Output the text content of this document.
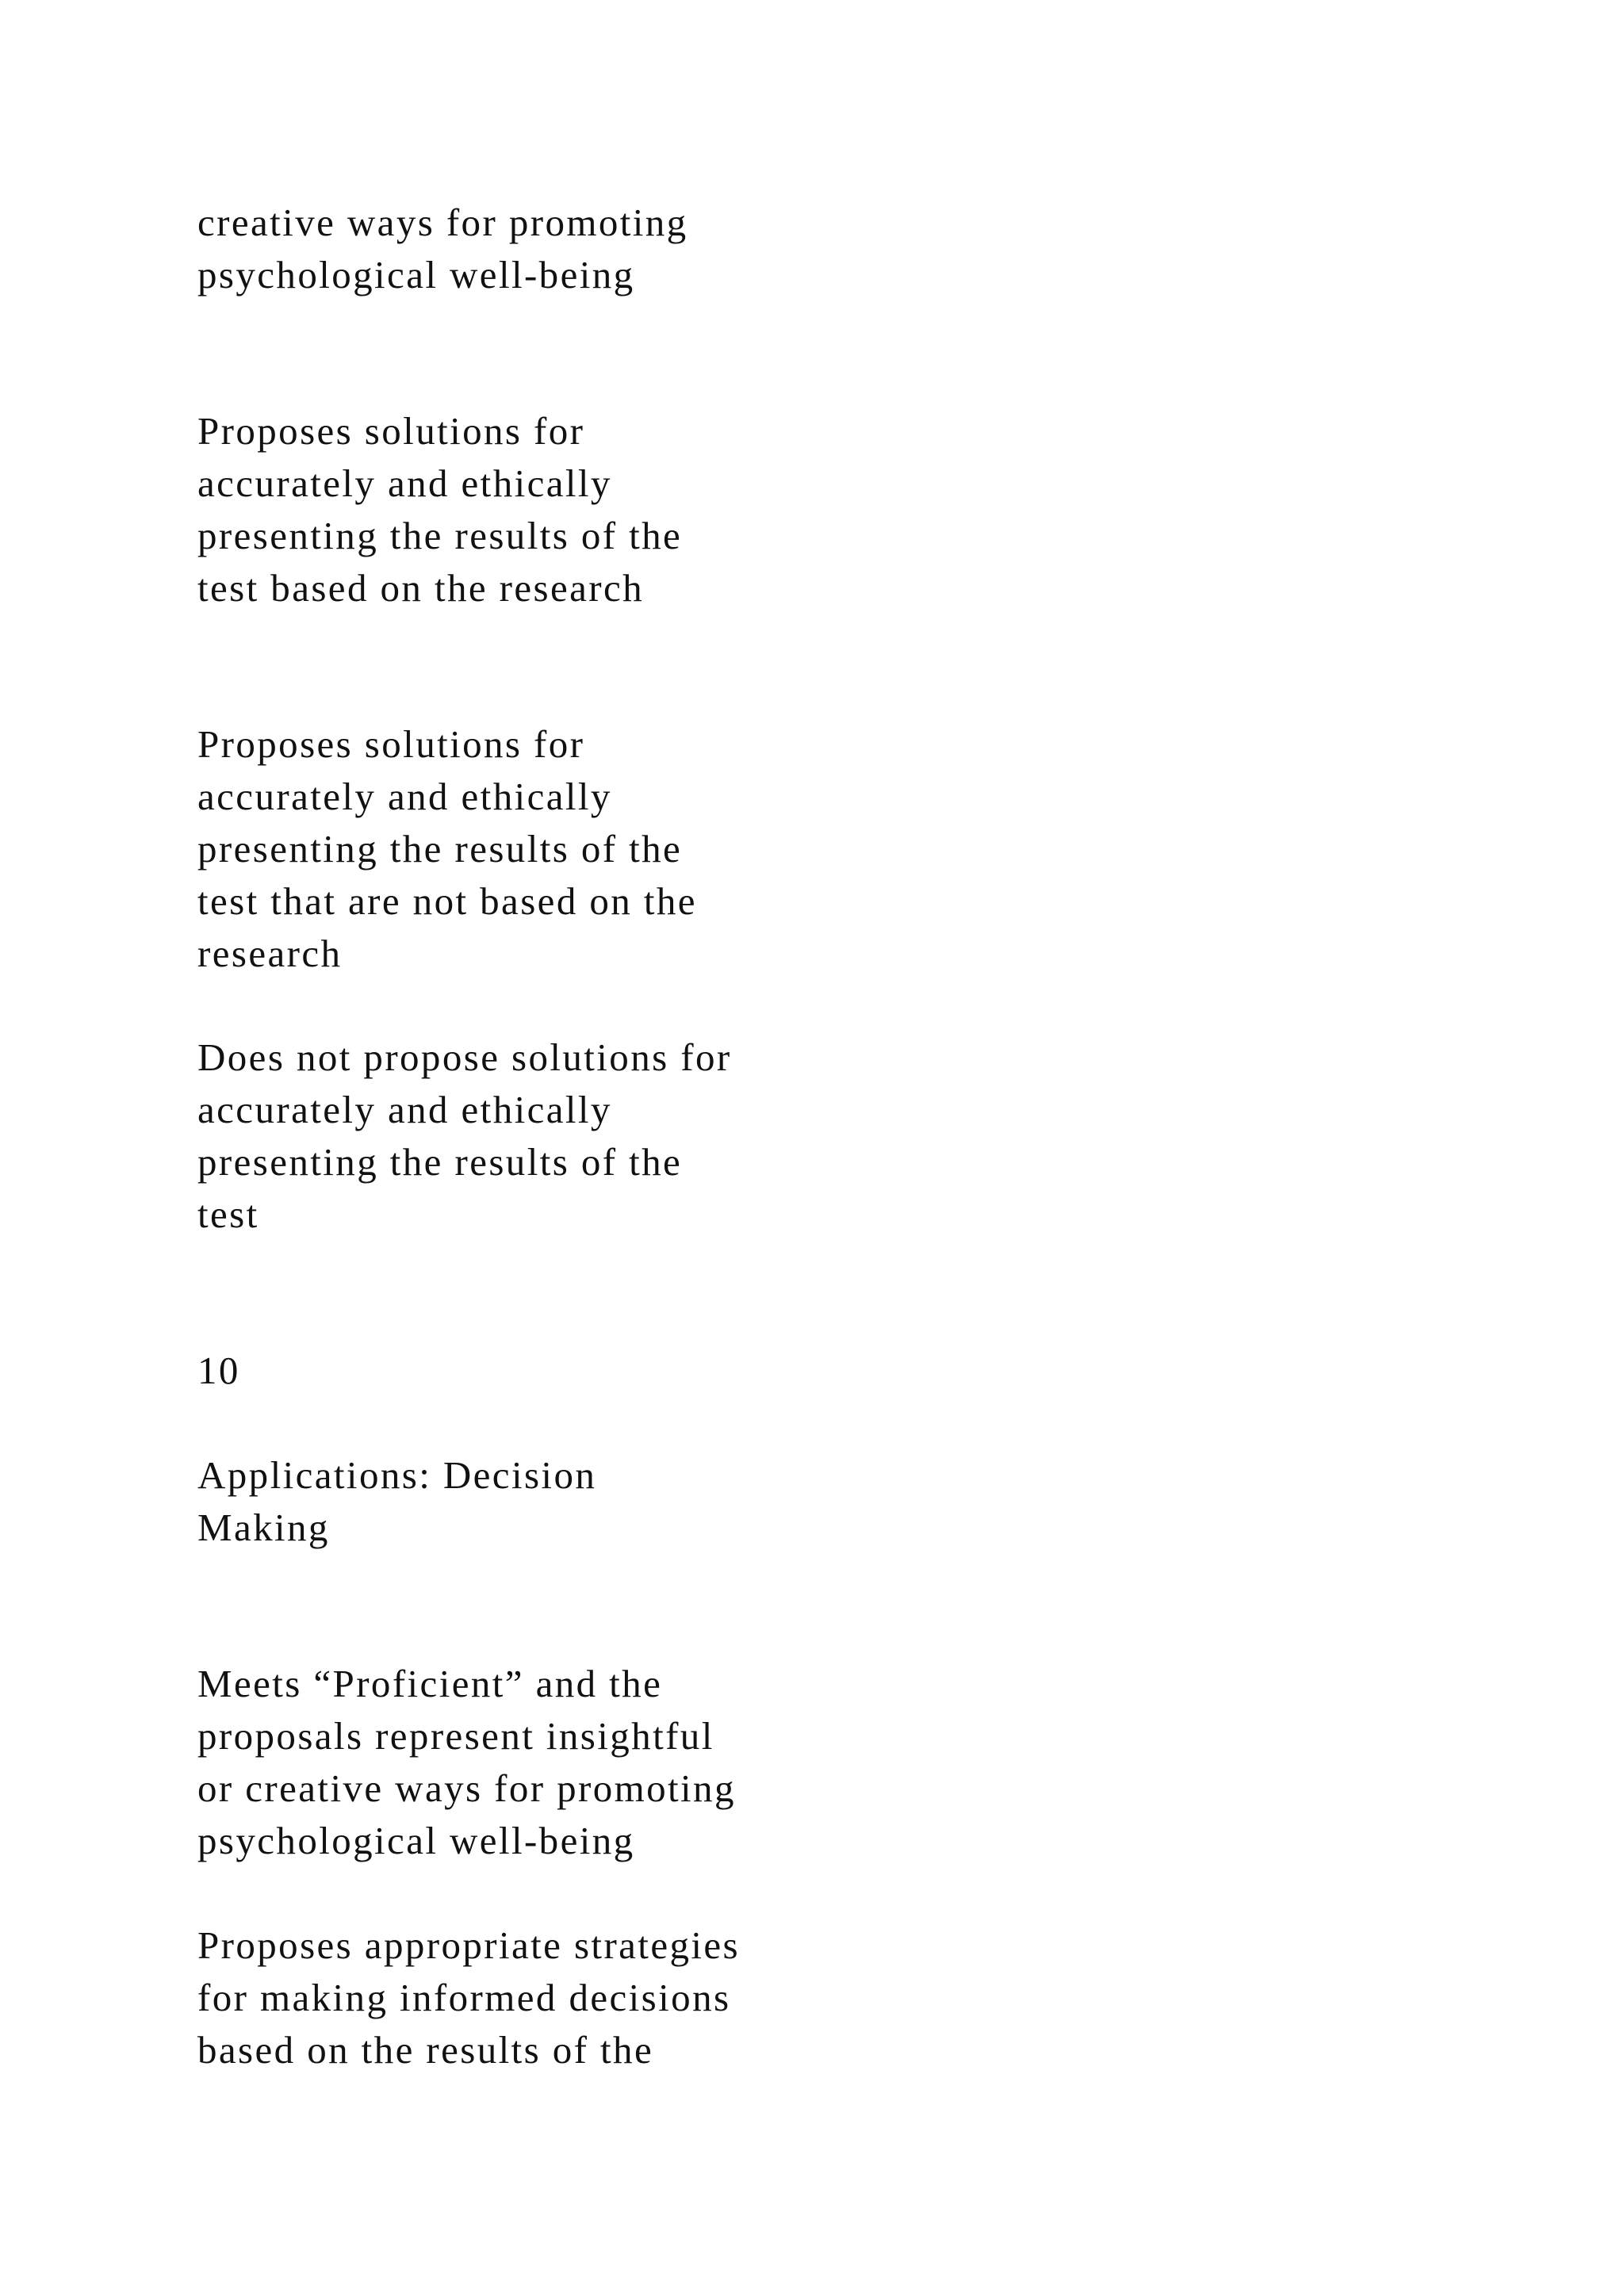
creative ways for promoting
psychological well-being

Proposes solutions for
accurately and ethically
presenting the results of the
test based on the research

Proposes solutions for
accurately and ethically
presenting the results of the
test that are not based on the
research

Does not propose solutions for
accurately and ethically
presenting the results of the
test

10

Applications: Decision
Making

Meets “Proficient” and the
proposals represent insightful
or creative ways for promoting
psychological well-being

Proposes appropriate strategies
for making informed decisions
based on the results of the
